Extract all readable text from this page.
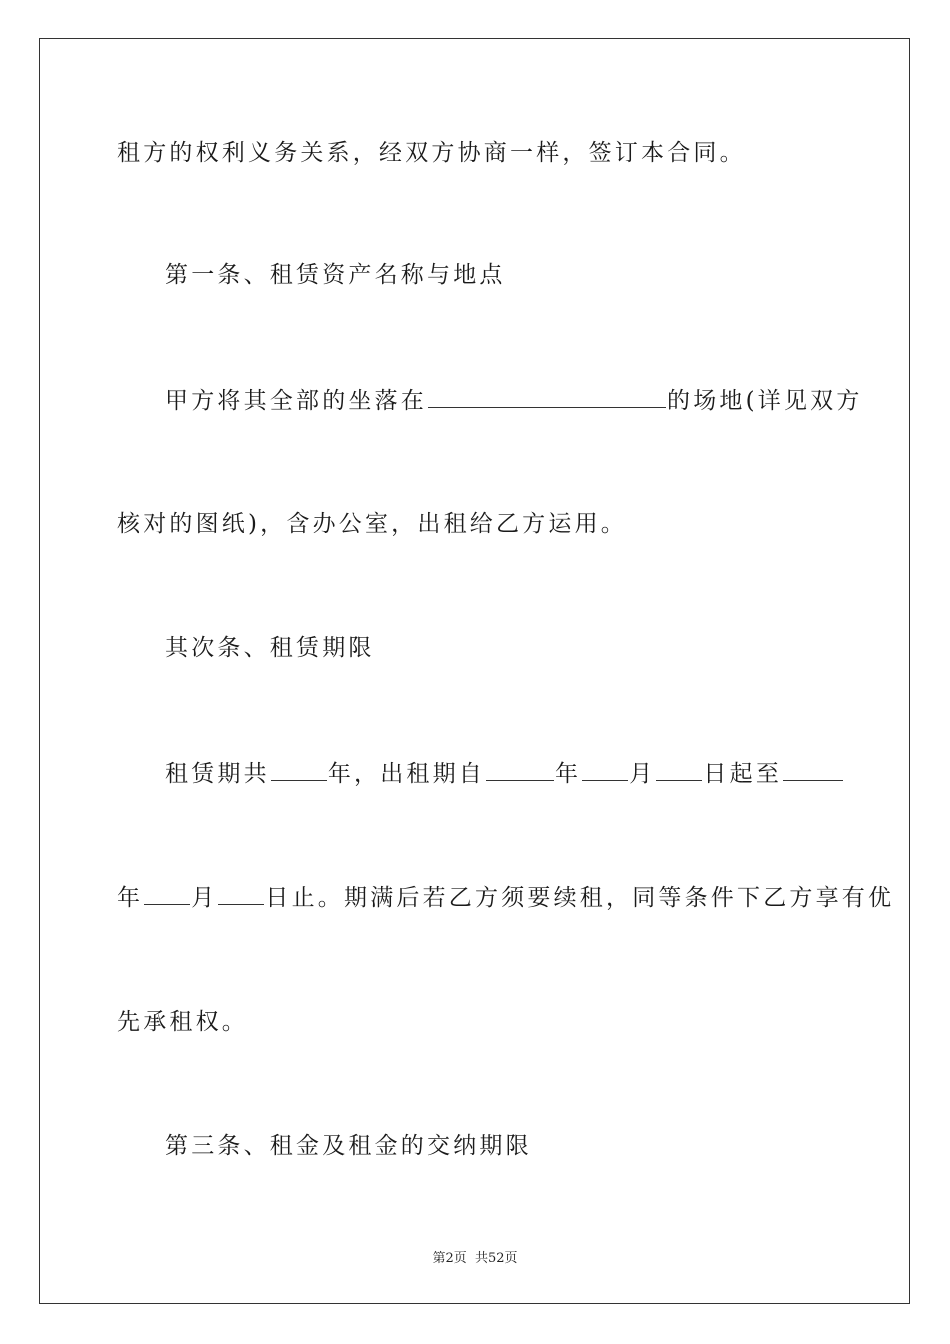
租方的权利义务关系，经双方协商一样，签订本合同。
第一条、租赁资产名称与地点
甲方将其全部的坐落在	的场地(详见双方
核对的图纸)，含办公室，出租给乙方运用。
其次条、租赁期限
租赁期共	年，出租期自	年 月 日起至
年 月 日止。期满后若乙方须要续租，同等条件下乙方享有优
先承租权。
第三条、租金及租金的交纳期限
第2页 共52页
